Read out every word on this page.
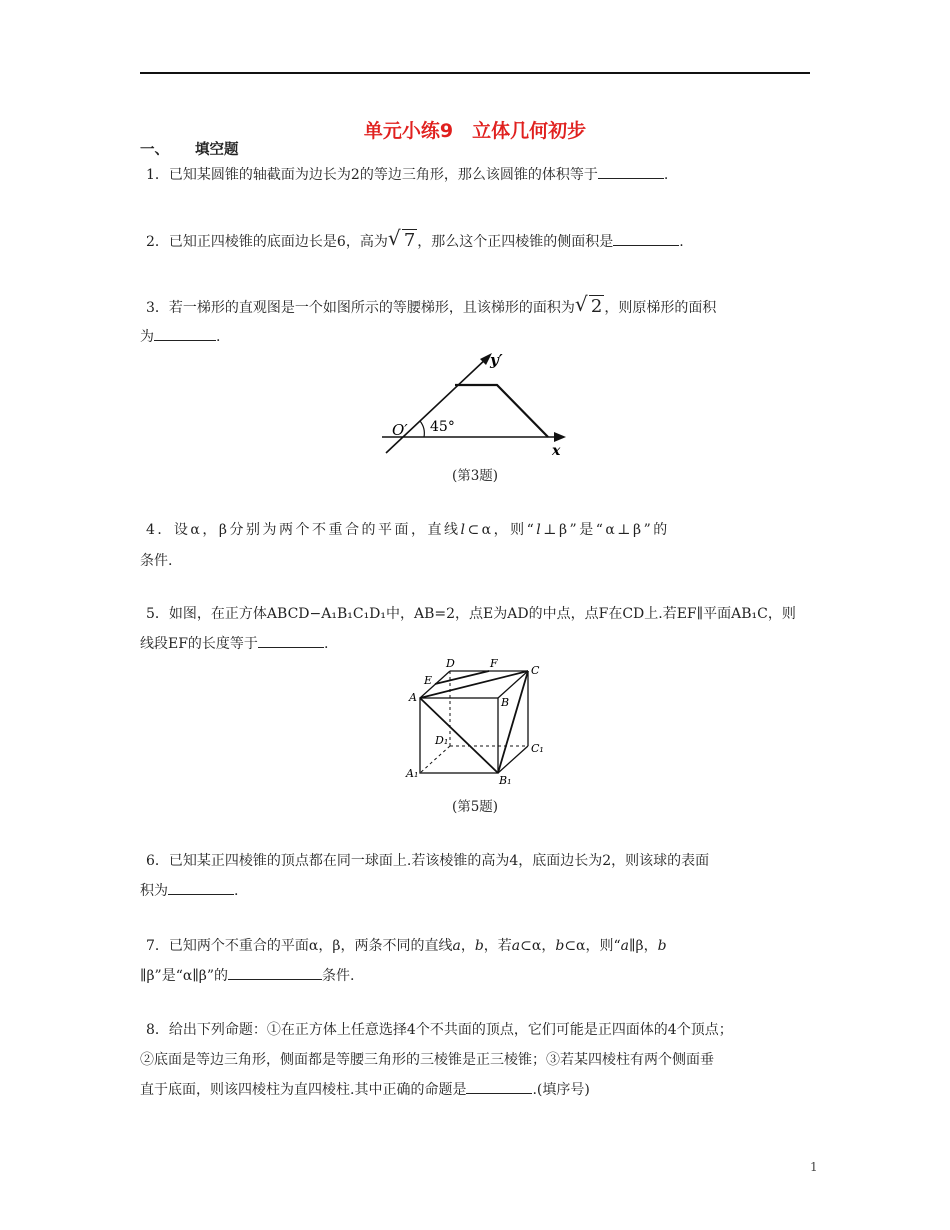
单元小练9　立体几何初步
一、 填空题
1．已知某圆锥的轴截面为边长为2的等边三角形，那么该圆锥的体积等于	.
2．已知正四棱锥的底面边长是6，高为 √ 7 ，那么这个正四棱锥的侧面积是	.
3．若一梯形的直观图是一个如图所示的等腰梯形，且该梯形的面积为 √ 2 ，则原梯形的面积
为	.
y′
O′ 45°
x
(第3题)
4．设α，β分别为两个不重合的平面，直线l⊂α，则“l⊥β”是“α⊥β”的
条件.
5．如图，在正方体ABCD−A₁B₁C₁D₁中，AB=2，点E为AD的中点，点F在CD上.若EF∥平面AB₁C，则
线段EF的长度等于	.
D	F
C
E
A	B
D₁
C₁
A₁
B₁
(第5题)
6．已知某正四棱锥的顶点都在同一球面上.若该棱锥的高为4，底面边长为2，则该球的表面
积为	.
7．已知两个不重合的平面α，β，两条不同的直线a，b，若a⊂α，b⊂α，则“a∥β，b
∥β”是“α∥β”的	条件.
8．给出下列命题：①在正方体上任意选择4个不共面的顶点，它们可能是正四面体的4个顶点；
②底面是等边三角形，侧面都是等腰三角形的三棱锥是正三棱锥；③若某四棱柱有两个侧面垂
直于底面，则该四棱柱为直四棱柱.其中正确的命题是	.(填序号)
1
